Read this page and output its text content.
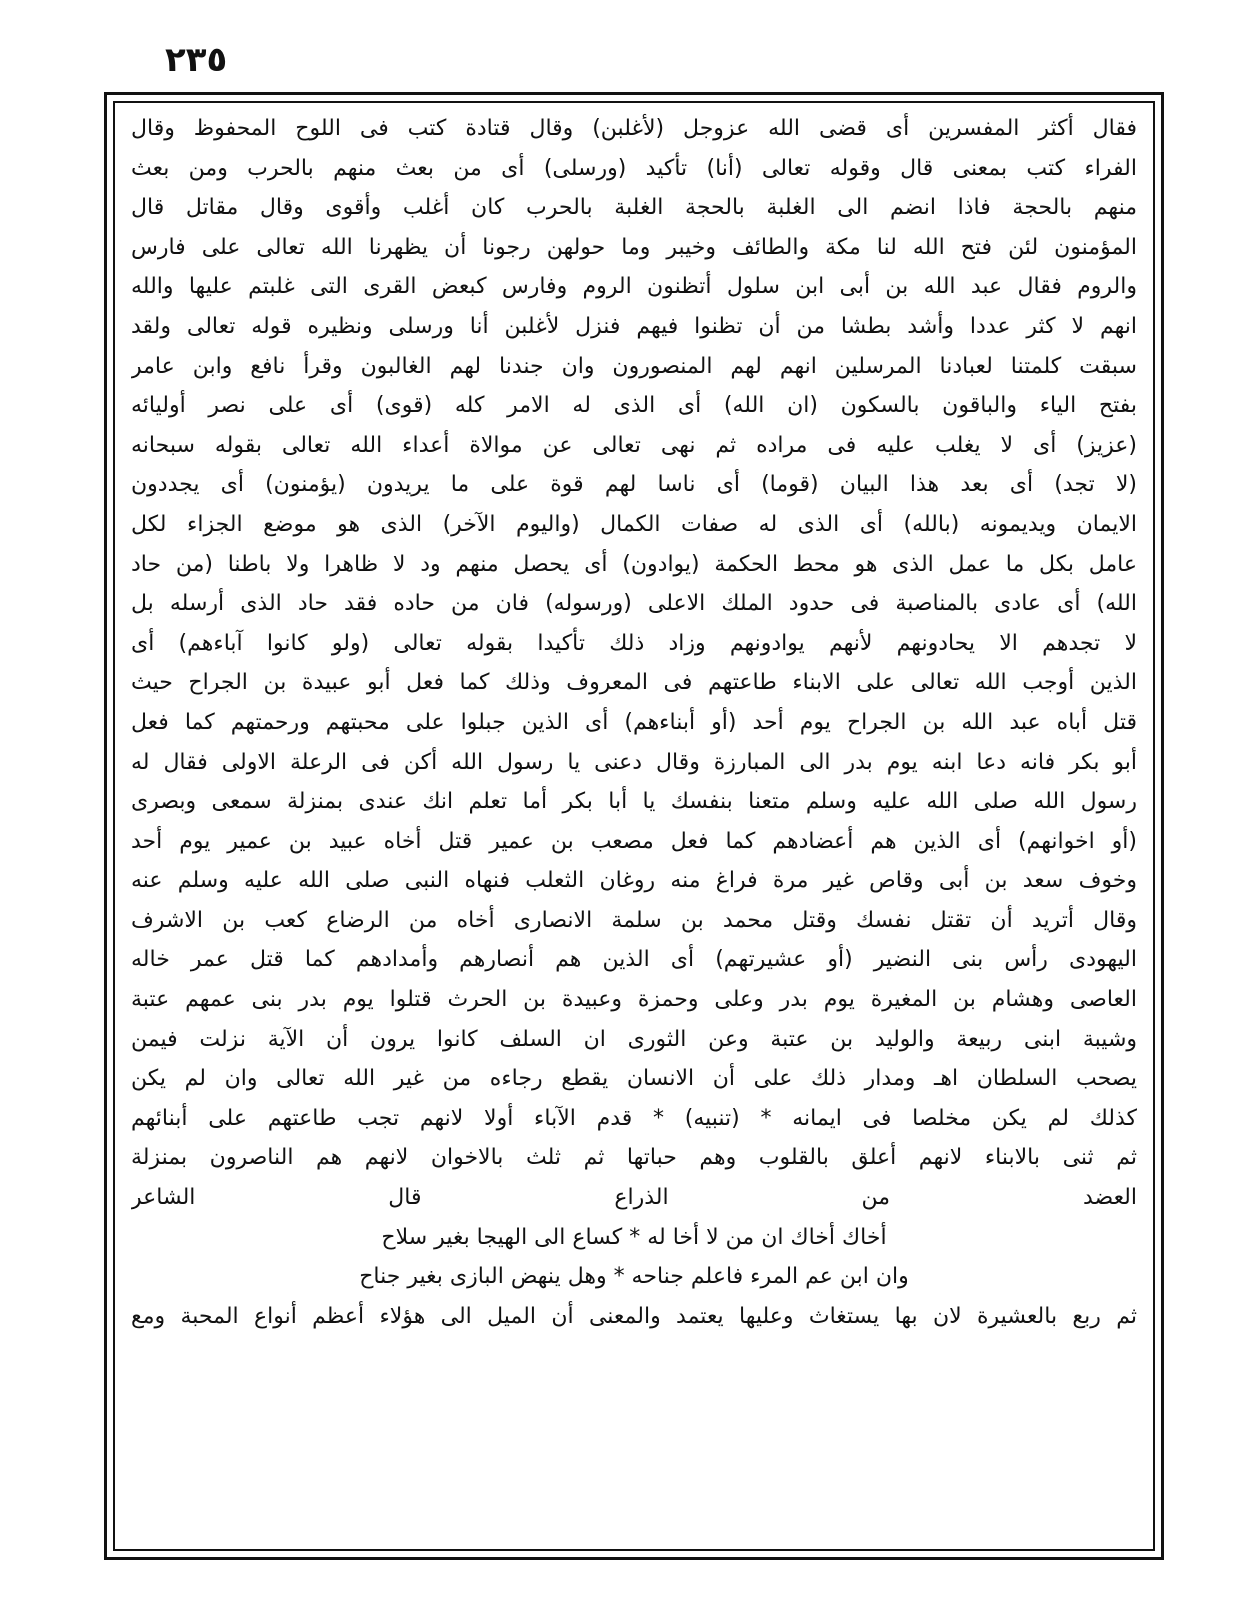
٢٣٥
فقال أكثر المفسرين أى قضى الله عزوجل (لأغلبن) وقال قتادة كتب فى اللوح المحفوظ وقال
الفراء كتب بمعنى قال وقوله تعالى (أنا) تأكيد (ورسلى) أى من بعث منهم بالحرب ومن بعث
منهم بالحجة فاذا انضم الى الغلبة بالحجة الغلبة بالحرب كان أغلب وأقوى وقال مقاتل قال
المؤمنون لئن فتح الله لنا مكة والطائف وخيبر وما حولهن رجونا أن يظهرنا الله تعالى على فارس
والروم فقال عبد الله بن أبى ابن سلول أتظنون الروم وفارس كبعض القرى التى غلبتم عليها والله
انهم لا كثر عددا وأشد بطشا من أن تظنوا فيهم فنزل لأغلبن أنا ورسلى ونظيره قوله تعالى ولقد
سبقت كلمتنا لعبادنا المرسلين انهم لهم المنصورون وان جندنا لهم الغالبون وقرأ نافع وابن عامر
بفتح الياء والباقون بالسكون (ان الله) أى الذى له الامر كله (قوى) أى على نصر أوليائه
(عزيز) أى لا يغلب عليه فى مراده ثم نهى تعالى عن موالاة أعداء الله تعالى بقوله سبحانه
(لا تجد) أى بعد هذا البيان (قوما) أى ناسا لهم قوة على ما يريدون (يؤمنون) أى يجددون
الايمان ويديمونه (بالله) أى الذى له صفات الكمال (واليوم الآخر) الذى هو موضع الجزاء لكل
عامل بكل ما عمل الذى هو محط الحكمة (يوادون) أى يحصل منهم ود لا ظاهرا ولا باطنا (من حاد
الله) أى عادى بالمناصبة فى حدود الملك الاعلى (ورسوله) فان من حاده فقد حاد الذى أرسله بل
لا تجدهم الا يحادونهم لأنهم يوادونهم وزاد ذلك تأكيدا بقوله تعالى (ولو كانوا آباءهم) أى
الذين أوجب الله تعالى على الابناء طاعتهم فى المعروف وذلك كما فعل أبو عبيدة بن الجراح حيث
قتل أباه عبد الله بن الجراح يوم أحد (أو أبناءهم) أى الذين جبلوا على محبتهم ورحمتهم كما فعل
أبو بكر فانه دعا ابنه يوم بدر الى المبارزة وقال دعنى يا رسول الله أكن فى الرعلة الاولى فقال له
رسول الله صلى الله عليه وسلم متعنا بنفسك يا أبا بكر أما تعلم انك عندى بمنزلة سمعى وبصرى
(أو اخوانهم) أى الذين هم أعضادهم كما فعل مصعب بن عمير قتل أخاه عبيد بن عمير يوم أحد
وخوف سعد بن أبى وقاص غير مرة فراغ منه روغان الثعلب فنهاه النبى صلى الله عليه وسلم عنه
وقال أتريد أن تقتل نفسك وقتل محمد بن سلمة الانصارى أخاه من الرضاع كعب بن الاشرف
اليهودى رأس بنى النضير (أو عشيرتهم) أى الذين هم أنصارهم وأمدادهم كما قتل عمر خاله
العاصى وهشام بن المغيرة يوم بدر وعلى وحمزة وعبيدة بن الحرث قتلوا يوم بدر بنى عمهم عتبة
وشيبة ابنى ربيعة والوليد بن عتبة وعن الثورى ان السلف كانوا يرون أن الآية نزلت فيمن
يصحب السلطان اهـ ومدار ذلك على أن الانسان يقطع رجاءه من غير الله تعالى وان لم يكن
كذلك لم يكن مخلصا فى ايمانه * (تنبيه) * قدم الآباء أولا لانهم تجب طاعتهم على أبنائهم
ثم ثنى بالابناء لانهم أعلق بالقلوب وهم حباتها ثم ثلث بالاخوان لانهم هم الناصرون بمنزلة
العضد من الذراع قال الشاعر
أخاك أخاك ان من لا أخا له * كساع الى الهيجا بغير سلاح
وان ابن عم المرء فاعلم جناحه * وهل ينهض البازى بغير جناح
ثم ربع بالعشيرة لان بها يستغاث وعليها يعتمد والمعنى أن الميل الى هؤلاء أعظم أنواع المحبة ومع
